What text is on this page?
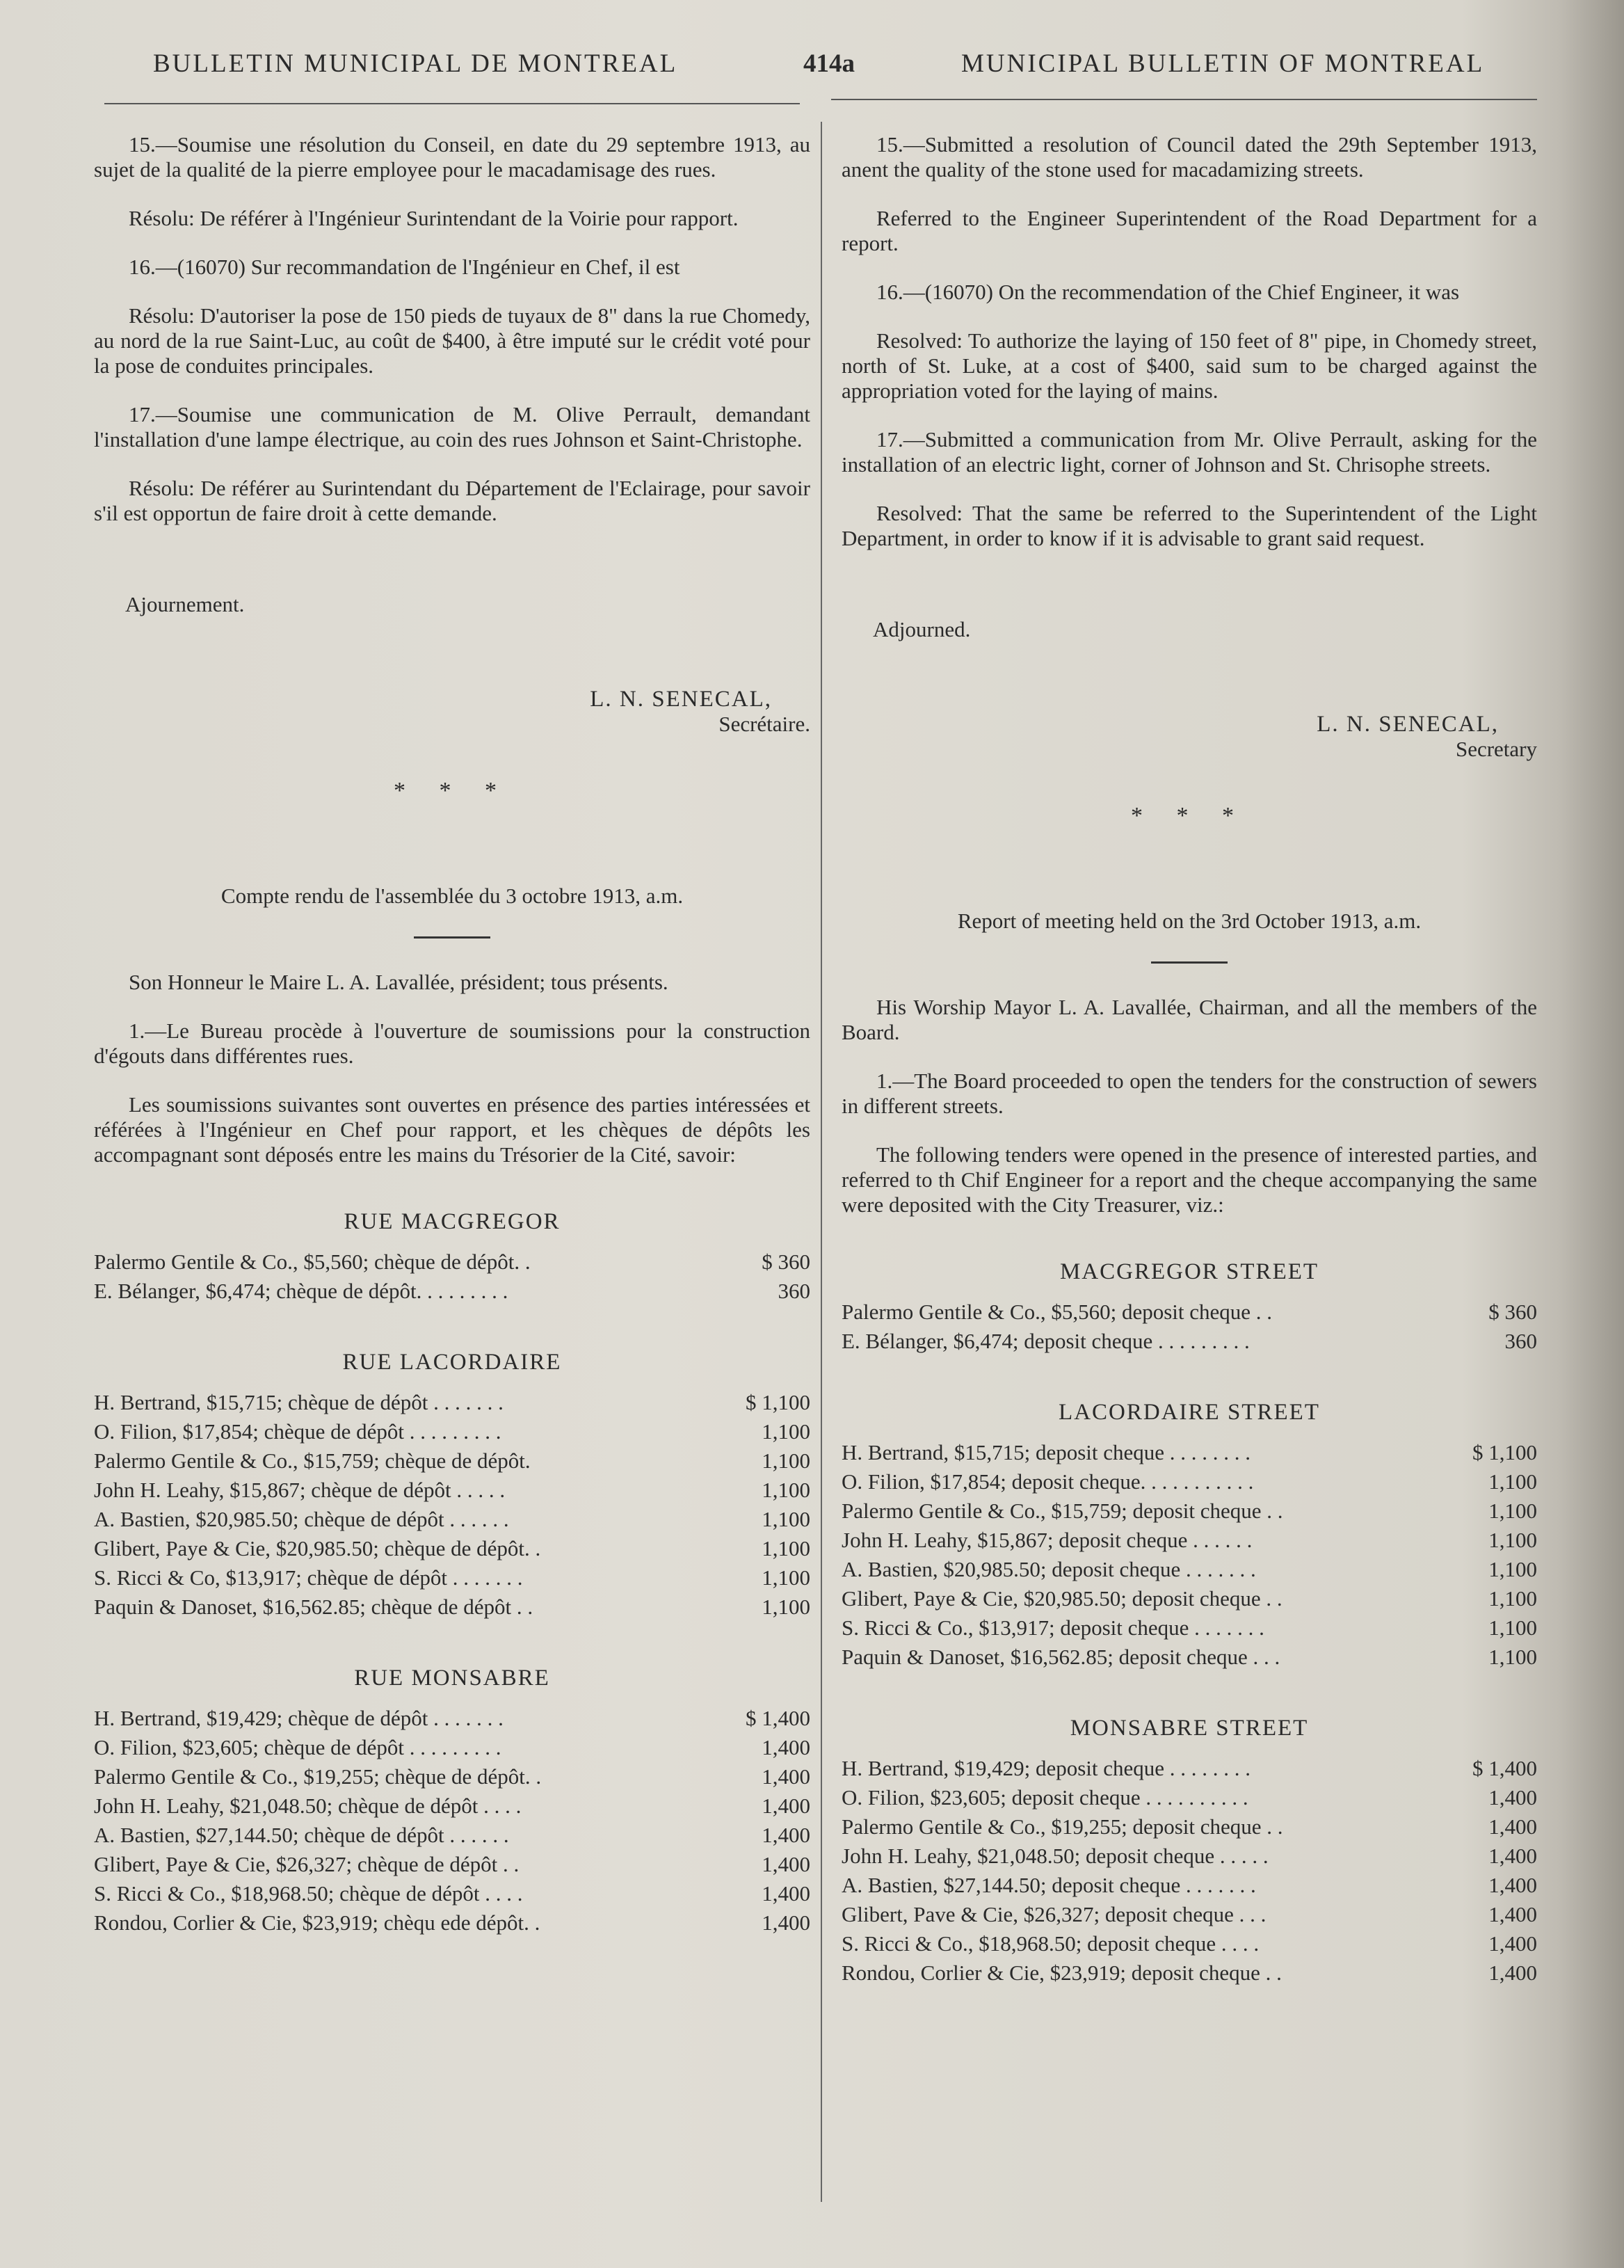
BULLETIN MUNICIPAL DE MONTREAL	414a	MUNICIPAL BULLETIN OF MONTREAL

15.—Soumise une résolution du Conseil, en date du 29 septembre 1913, au sujet de la qualité de la pierre employee pour le macadamisage des rues.

Résolu: De référer à l'Ingénieur Surintendant de la Voirie pour rapport.

16.—(16070) Sur recommandation de l'Ingénieur en Chef, il est

Résolu: D'autoriser la pose de 150 pieds de tuyaux de 8" dans la rue Chomedy, au nord de la rue Saint-Luc, au coût de $400, à être imputé sur le crédit voté pour la pose de conduites principales.

17.—Soumise une communication de M. Olive Perrault, demandant l'installation d'une lampe électrique, au coin des rues Johnson et Saint-Christophe.

Résolu: De référer au Surintendant du Département de l'Eclairage, pour savoir s'il est opportun de faire droit à cette demande.

Ajournement.

L. N. SENECAL,
Secrétaire.
* * *
Compte rendu de l'assemblée du 3 octobre 1913, a.m.

Son Honneur le Maire L. A. Lavallée, président; tous présents.

1.—Le Bureau procède à l'ouverture de soumissions pour la construction d'égouts dans différentes rues.

Les soumissions suivantes sont ouvertes en présence des parties intéressées et référées à l'Ingénieur en Chef pour rapport, et les chèques de dépôts les accompagnant sont déposés entre les mains du Trésorier de la Cité, savoir:

RUE MACGREGOR
Palermo Gentile & Co., $5,560; chèque de dépôt. .	$ 360
E. Bélanger, $6,474; chèque de dépôt. . . . . . . . .	360
RUE LACORDAIRE
H. Bertrand, $15,715; chèque de dépôt . . . . . . .	$ 1,100
O. Filion, $17,854; chèque de dépôt . . . . . . . . .	1,100
Palermo Gentile & Co., $15,759; chèque de dépôt.	1,100
John H. Leahy, $15,867; chèque de dépôt . . . . .	1,100
A. Bastien, $20,985.50; chèque de dépôt . . . . . .	1,100
Glibert, Paye & Cie, $20,985.50; chèque de dépôt. .	1,100
S. Ricci & Co, $13,917; chèque de dépôt . . . . . . .	1,100
Paquin & Danoset, $16,562.85; chèque de dépôt . .	1,100
RUE MONSABRE
H. Bertrand, $19,429; chèque de dépôt . . . . . . .	$ 1,400
O. Filion, $23,605; chèque de dépôt . . . . . . . . .	1,400
Palermo Gentile & Co., $19,255; chèque de dépôt. .	1,400
John H. Leahy, $21,048.50; chèque de dépôt . . . .	1,400
A. Bastien, $27,144.50; chèque de dépôt . . . . . .	1,400
Glibert, Paye & Cie, $26,327; chèque de dépôt . .	1,400
S. Ricci & Co., $18,968.50; chèque de dépôt . . . .	1,400
Rondou, Corlier & Cie, $23,919; chèqu ede dépôt. .	1,400

15.—Submitted a resolution of Council dated the 29th September 1913, anent the quality of the stone used for macadamizing streets.

Referred to the Engineer Superintendent of the Road Department for a report.

16.—(16070) On the recommendation of the Chief Engineer, it was

Resolved: To authorize the laying of 150 feet of 8" pipe, in Chomedy street, north of St. Luke, at a cost of $400, said sum to be charged against the appropriation voted for the laying of mains.

17.—Submitted a communication from Mr. Olive Perrault, asking for the installation of an electric light, corner of Johnson and St. Chrisophe streets.

Resolved: That the same be referred to the Superintendent of the Light Department, in order to know if it is advisable to grant said request.

Adjourned.

L. N. SENECAL,
Secretary
* * *
Report of meeting held on the 3rd October 1913, a.m.

His Worship Mayor L. A. Lavallée, Chairman, and all the members of the Board.

1.—The Board proceeded to open the tenders for the construction of sewers in different streets.

The following tenders were opened in the presence of interested parties, and referred to th Chif Engineer for a report and the cheque accompanying the same were deposited with the City Treasurer, viz.:

MACGREGOR STREET
Palermo Gentile & Co., $5,560; deposit cheque . .	$ 360
E. Bélanger, $6,474; deposit cheque . . . . . . . . .	360
LACORDAIRE STREET
H. Bertrand, $15,715; deposit cheque . . . . . . . .	$ 1,100
O. Filion, $17,854; deposit cheque. . . . . . . . . . .	1,100
Palermo Gentile & Co., $15,759; deposit cheque . .	1,100
John H. Leahy, $15,867; deposit cheque . . . . . .	1,100
A. Bastien, $20,985.50; deposit cheque . . . . . . .	1,100
Glibert, Paye & Cie, $20,985.50; deposit cheque . .	1,100
S. Ricci & Co., $13,917; deposit cheque . . . . . . .	1,100
Paquin & Danoset, $16,562.85; deposit cheque . . .	1,100
MONSABRE STREET
H. Bertrand, $19,429; deposit cheque . . . . . . . .	$ 1,400
O. Filion, $23,605; deposit cheque . . . . . . . . . .	1,400
Palermo Gentile & Co., $19,255; deposit cheque . .	1,400
John H. Leahy, $21,048.50; deposit cheque . . . . .	1,400
A. Bastien, $27,144.50; deposit cheque . . . . . . .	1,400
Glibert, Pave & Cie, $26,327; deposit cheque . . .	1,400
S. Ricci & Co., $18,968.50; deposit cheque . . . .	1,400
Rondou, Corlier & Cie, $23,919; deposit cheque . .	1,400
